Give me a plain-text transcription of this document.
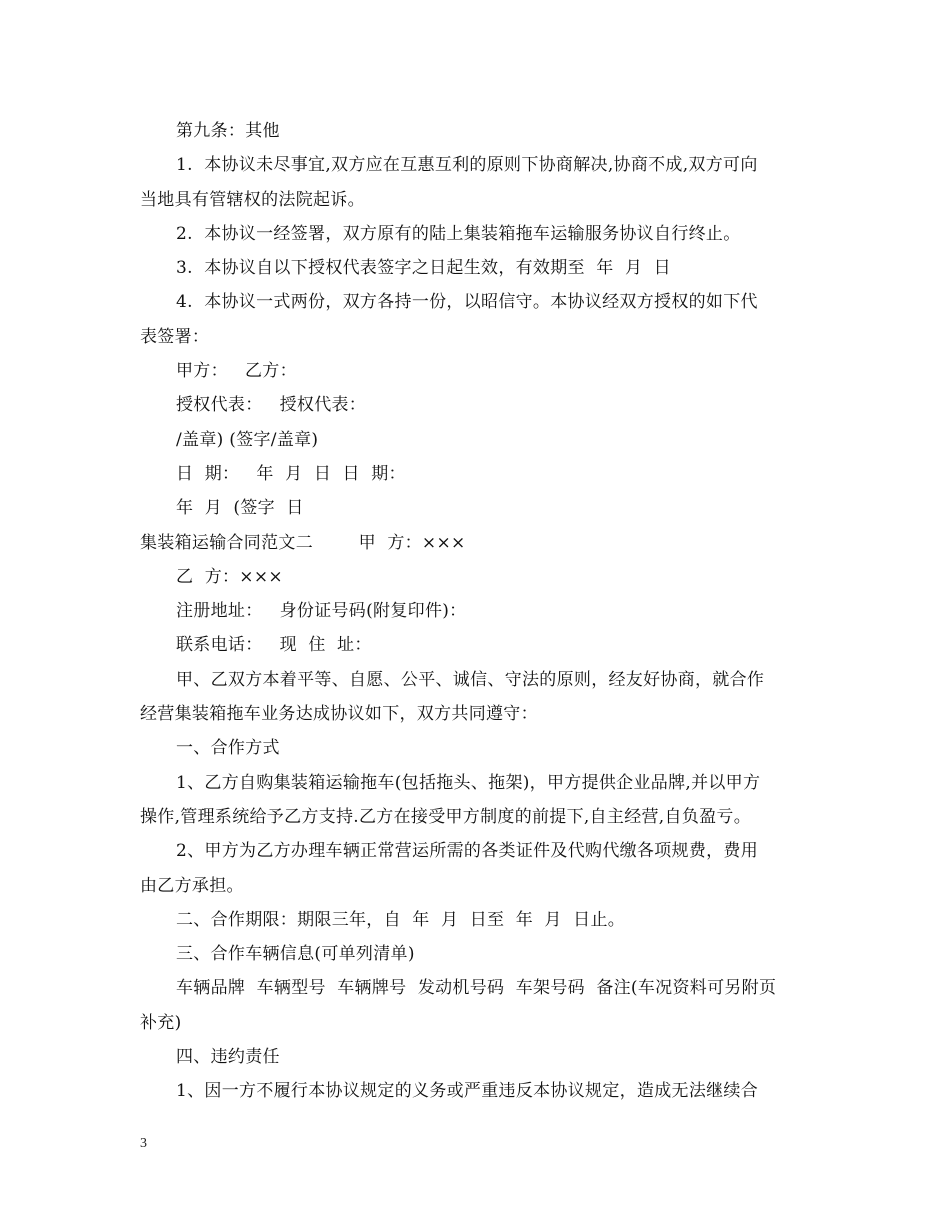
第九条：其他
1.  本协议未尽事宜,双方应在互惠互利的原则下协商解决,协商不成,双方可向
当地具有管辖权的法院起诉。
2.  本协议一经签署，双方原有的陆上集装箱拖车运输服务协议自行终止。
3.  本协议自以下授权代表签字之日起生效，有效期至  年  月  日
4.  本协议一式两份，双方各持一份，以昭信守。本协议经双方授权的如下代
表签署：
甲方：   乙方：
授权代表：   授权代表：
/盖章) (签字/盖章)
日  期：   年  月  日  日  期：
年  月  (签字  日
集装箱运输合同范文二        甲  方：×××
乙  方：×××
注册地址：   身份证号码(附复印件)：
联系电话：   现  住  址：
甲、乙双方本着平等、自愿、公平、诚信、守法的原则，经友好协商，就合作
经营集装箱拖车业务达成协议如下，双方共同遵守：
一、合作方式
1、乙方自购集装箱运输拖车(包括拖头、拖架)，甲方提供企业品牌,并以甲方
操作,管理系统给予乙方支持.乙方在接受甲方制度的前提下,自主经营,自负盈亏。
2、甲方为乙方办理车辆正常营运所需的各类证件及代购代缴各项规费，费用
由乙方承担。
二、合作期限：期限三年，自  年  月  日至  年  月  日止。
三、合作车辆信息(可单列清单)
车辆品牌  车辆型号  车辆牌号  发动机号码  车架号码  备注(车况资料可另附页
补充)
四、违约责任
1、因一方不履行本协议规定的义务或严重违反本协议规定，造成无法继续合
3
